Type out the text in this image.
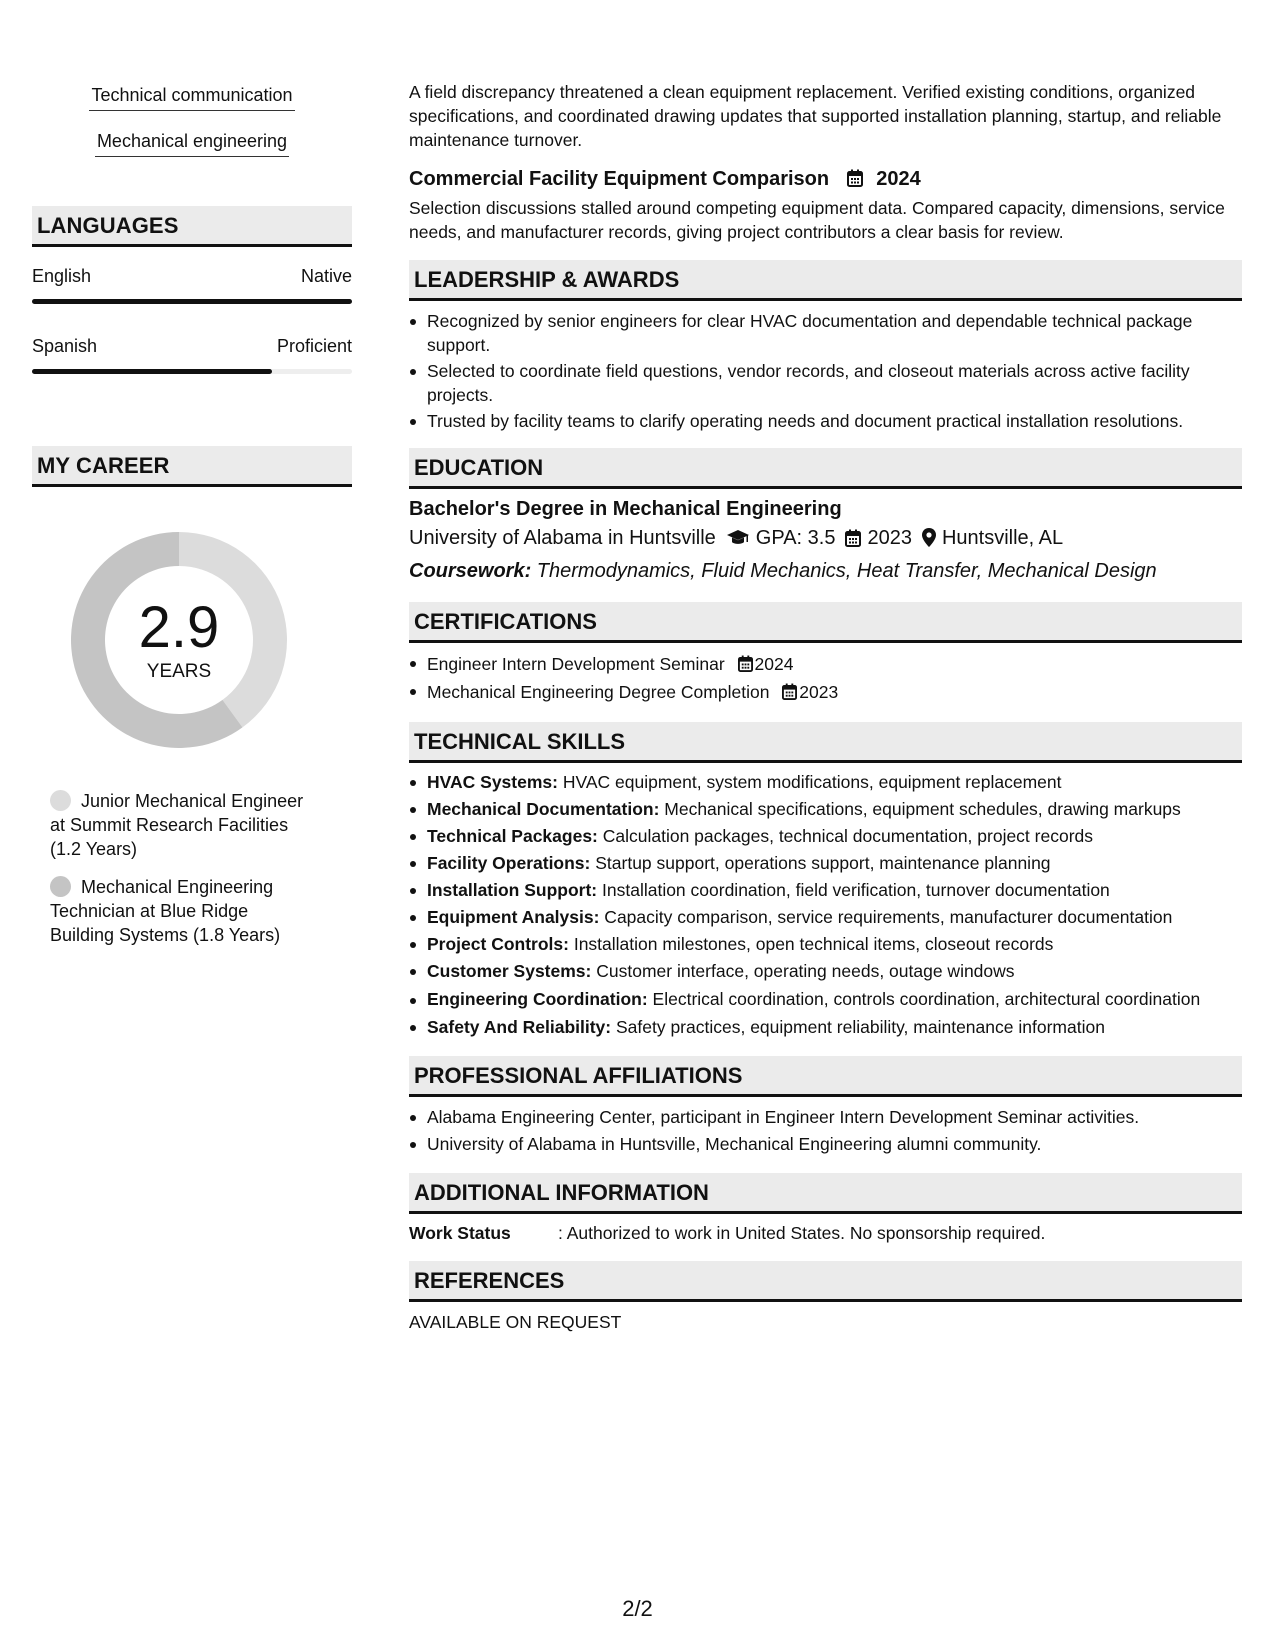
Technical communication
Mechanical engineering
LANGUAGES
English	Native
Spanish	Proficient
MY CAREER
2.9
YEARS
Junior Mechanical Engineer at Summit Research Facilities (1.2 Years)
Mechanical Engineering Technician at Blue Ridge Building Systems (1.8 Years)

A field discrepancy threatened a clean equipment replacement. Verified existing conditions, organized specifications, and coordinated drawing updates that supported installation planning, startup, and reliable maintenance turnover.

Commercial Facility Equipment Comparison 2024

Selection discussions stalled around competing equipment data. Compared capacity, dimensions, service needs, and manufacturer records, giving project contributors a clear basis for review.

LEADERSHIP & AWARDS
Recognized by senior engineers for clear HVAC documentation and dependable technical package support.
Selected to coordinate field questions, vendor records, and closeout materials across active facility projects.
Trusted by facility teams to clarify operating needs and document practical installation resolutions.
EDUCATION
Bachelor's Degree in Mechanical Engineering
University of Alabama in Huntsville GPA: 3.5 2023 Huntsville, AL
Coursework: Thermodynamics, Fluid Mechanics, Heat Transfer, Mechanical Design
CERTIFICATIONS
Engineer Intern Development Seminar 2024
Mechanical Engineering Degree Completion 2023
TECHNICAL SKILLS
HVAC Systems: HVAC equipment, system modifications, equipment replacement
Mechanical Documentation: Mechanical specifications, equipment schedules, drawing markups
Technical Packages: Calculation packages, technical documentation, project records
Facility Operations: Startup support, operations support, maintenance planning
Installation Support: Installation coordination, field verification, turnover documentation
Equipment Analysis: Capacity comparison, service requirements, manufacturer documentation
Project Controls: Installation milestones, open technical items, closeout records
Customer Systems: Customer interface, operating needs, outage windows
Engineering Coordination: Electrical coordination, controls coordination, architectural coordination
Safety And Reliability: Safety practices, equipment reliability, maintenance information
PROFESSIONAL AFFILIATIONS
Alabama Engineering Center, participant in Engineer Intern Development Seminar activities.
University of Alabama in Huntsville, Mechanical Engineering alumni community.
ADDITIONAL INFORMATION
Work Status	: Authorized to work in United States. No sponsorship required.
REFERENCES
AVAILABLE ON REQUEST
2/2
